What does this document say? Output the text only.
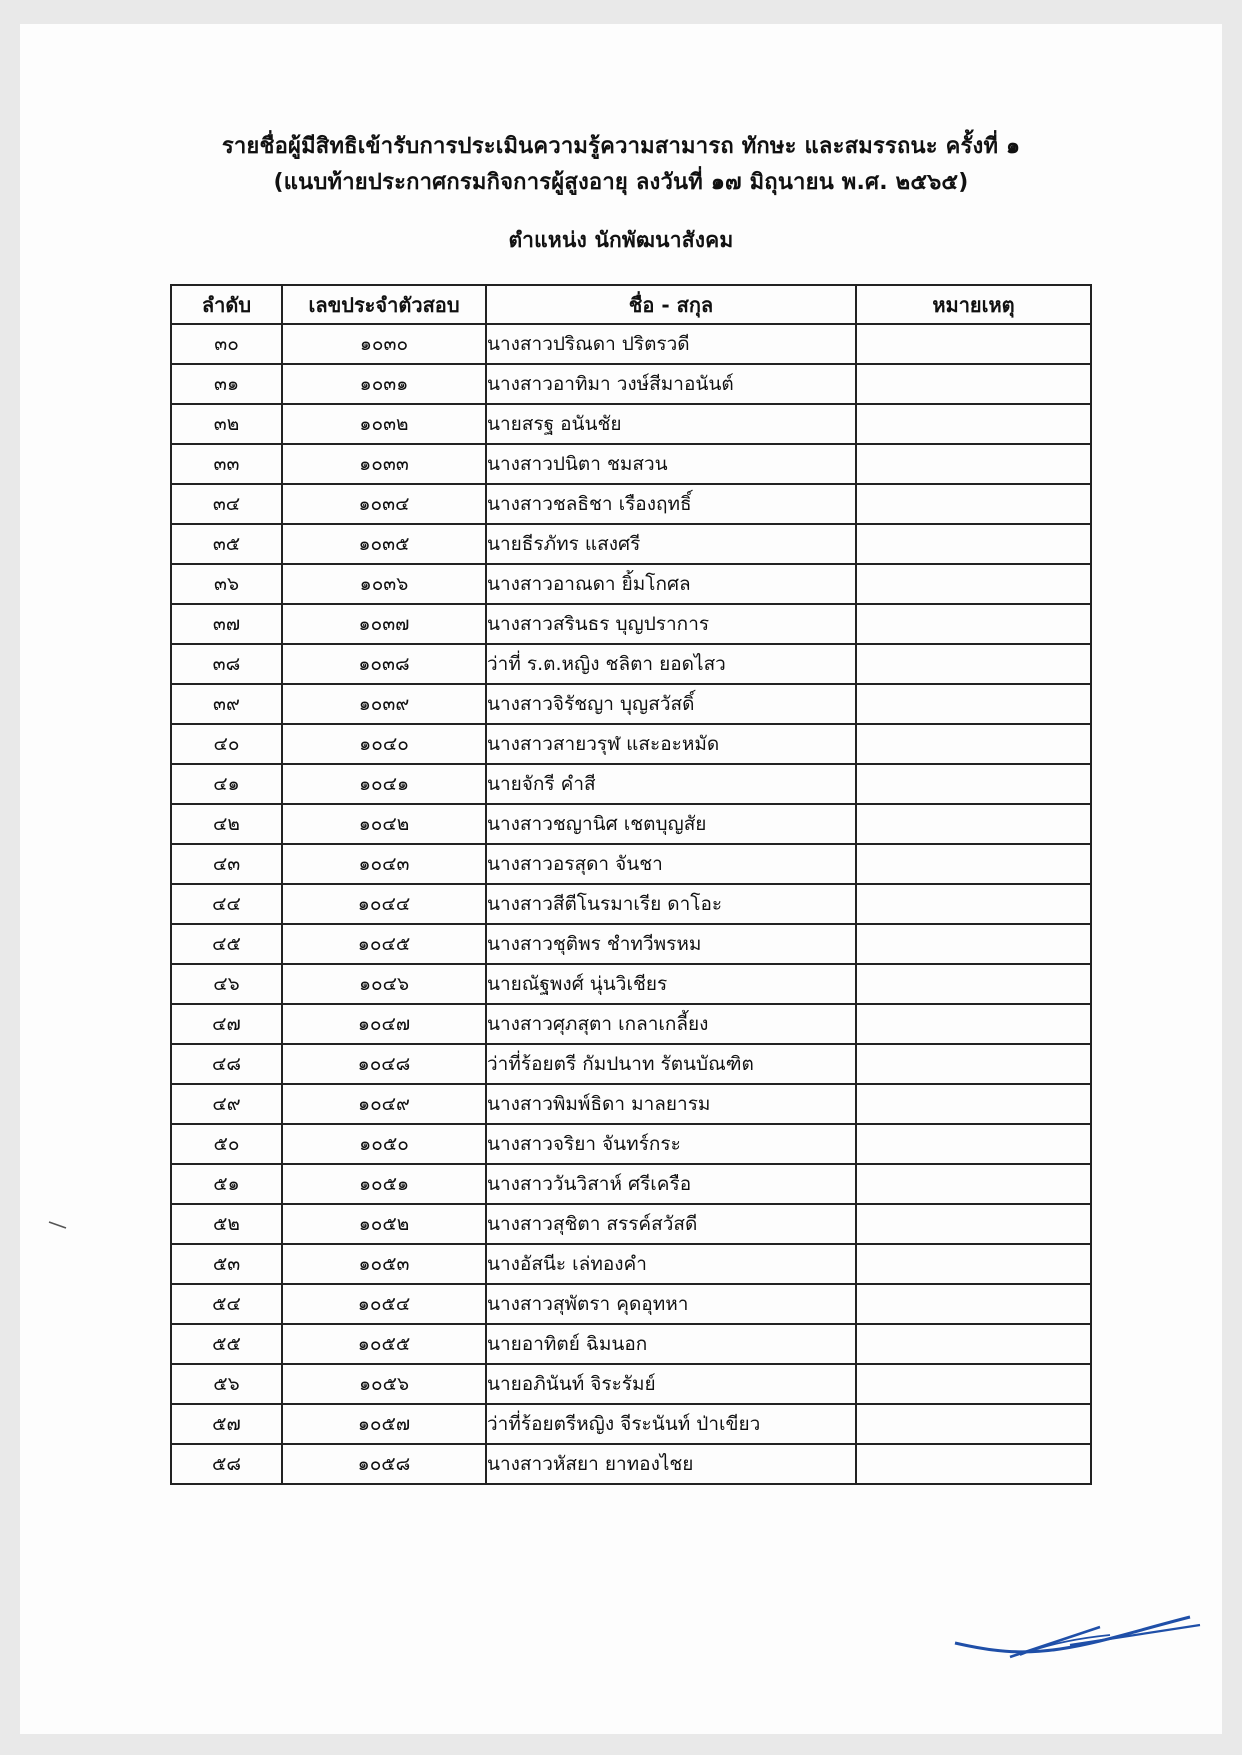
รายชื่อผู้มีสิทธิเข้ารับการประเมินความรู้ความสามารถ ทักษะ และสมรรถนะ ครั้งที่ ๑
(แนบท้ายประกาศกรมกิจการผู้สูงอายุ ลงวันที่ ๑๗ มิถุนายน พ.ศ. ๒๕๖๕)
ตำแหน่ง นักพัฒนาสังคม
ลำดับ	เลขประจำตัวสอบ	ชื่อ - สกุล	หมายเหตุ
๓๐	๑๐๓๐	นางสาวปริณดา ปริตรวดี	
๓๑	๑๐๓๑	นางสาวอาทิมา วงษ์สีมาอนันต์	
๓๒	๑๐๓๒	นายสรฐ อนันชัย	
๓๓	๑๐๓๓	นางสาวปนิตา ชมสวน	
๓๔	๑๐๓๔	นางสาวชลธิชา เรืองฤทธิ์	
๓๕	๑๐๓๕	นายธีรภัทร แสงศรี	
๓๖	๑๐๓๖	นางสาวอาณดา ยิ้มโกศล	
๓๗	๑๐๓๗	นางสาวสรินธร บุญปราการ	
๓๘	๑๐๓๘	ว่าที่ ร.ต.หญิง ชลิตา ยอดไสว	
๓๙	๑๐๓๙	นางสาวจิรัชญา บุญสวัสดิ์	
๔๐	๑๐๔๐	นางสาวสายวรุฬ แสะอะหมัด	
๔๑	๑๐๔๑	นายจักรี คำสี	
๔๒	๑๐๔๒	นางสาวชญานิศ เชตบุญสัย	
๔๓	๑๐๔๓	นางสาวอรสุดา จันชา	
๔๔	๑๐๔๔	นางสาวสีตีโนรมาเรีย ดาโอะ	
๔๕	๑๐๔๕	นางสาวชุติพร ชำทวีพรหม	
๔๖	๑๐๔๖	นายณัฐพงศ์ นุ่นวิเชียร	
๔๗	๑๐๔๗	นางสาวศุภสุตา เกลาเกลี้ยง	
๔๘	๑๐๔๘	ว่าที่ร้อยตรี กัมปนาท รัตนบัณฑิต	
๔๙	๑๐๔๙	นางสาวพิมพ์ธิดา มาลยารม	
๕๐	๑๐๕๐	นางสาวจริยา จันทร์กระ	
๕๑	๑๐๕๑	นางสาววันวิสาห์ ศรีเครือ	
๕๒	๑๐๕๒	นางสาวสุชิตา สรรค์สวัสดี	
๕๓	๑๐๕๓	นางอัสนีะ เล่ทองคำ	
๕๔	๑๐๕๔	นางสาวสุพัตรา คุดอุทหา	
๕๕	๑๐๕๕	นายอาทิตย์ ฉิมนอก	
๕๖	๑๐๕๖	นายอภินันท์ จิระรัมย์	
๕๗	๑๐๕๗	ว่าที่ร้อยตรีหญิง จีระนันท์ ป่าเขียว	
๕๘	๑๐๕๘	นางสาวหัสยา ยาทองไชย	
